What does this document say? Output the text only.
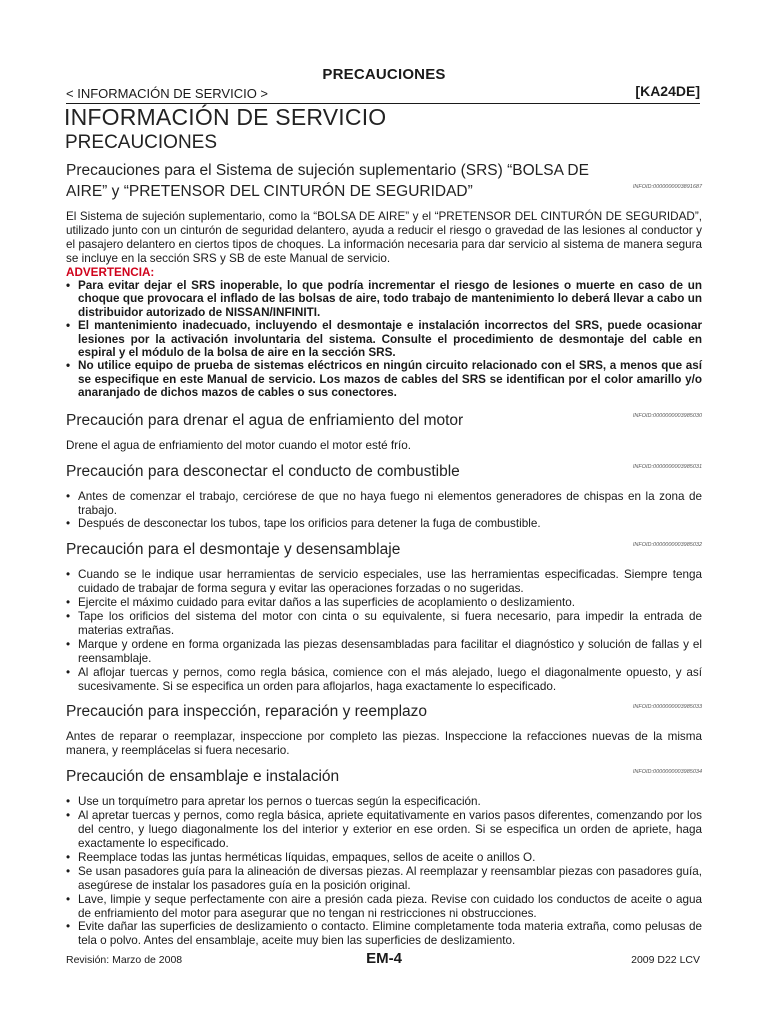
PRECAUCIONES
< INFORMACIÓN DE SERVICIO >	[KA24DE]
INFORMACIÓN DE SERVICIO
PRECAUCIONES
Precauciones para el Sistema de sujeción suplementario (SRS) “BOLSA DE AIRE” y “PRETENSOR DEL CINTURÓN DE SEGURIDAD”	INFOID:0000000003891687
El Sistema de sujeción suplementario, como la “BOLSA DE AIRE” y el “PRETENSOR DEL CINTURÓN DE SEGURIDAD”, utilizado junto con un cinturón de seguridad delantero, ayuda a reducir el riesgo o gravedad de las lesiones al conductor y el pasajero delantero en ciertos tipos de choques. La información necesaria para dar servicio al sistema de manera segura se incluye en la sección SRS y SB de este Manual de servicio.
ADVERTENCIA:
• Para evitar dejar el SRS inoperable, lo que podría incrementar el riesgo de lesiones o muerte en caso de un choque que provocara el inflado de las bolsas de aire, todo trabajo de mantenimiento lo deberá llevar a cabo un distribuidor autorizado de NISSAN/INFINITI.
• El mantenimiento inadecuado, incluyendo el desmontaje e instalación incorrectos del SRS, puede ocasionar lesiones por la activación involuntaria del sistema. Consulte el procedimiento de desmontaje del cable en espiral y el módulo de la bolsa de aire en la sección SRS.
• No utilice equipo de prueba de sistemas eléctricos en ningún circuito relacionado con el SRS, a menos que así se especifique en este Manual de servicio. Los mazos de cables del SRS se identifican por el color amarillo y/o anaranjado de dichos mazos de cables o sus conectores.
Precaución para drenar el agua de enfriamiento del motor	INFOID:0000000003985030
Drene el agua de enfriamiento del motor cuando el motor esté frío.
Precaución para desconectar el conducto de combustible	INFOID:0000000003985031
• Antes de comenzar el trabajo, cerciórese de que no haya fuego ni elementos generadores de chispas en la zona de trabajo.
• Después de desconectar los tubos, tape los orificios para detener la fuga de combustible.
Precaución para el desmontaje y desensamblaje	INFOID:0000000003985032
• Cuando se le indique usar herramientas de servicio especiales, use las herramientas especificadas. Siempre tenga cuidado de trabajar de forma segura y evitar las operaciones forzadas o no sugeridas.
• Ejercite el máximo cuidado para evitar daños a las superficies de acoplamiento o deslizamiento.
• Tape los orificios del sistema del motor con cinta o su equivalente, si fuera necesario, para impedir la entrada de materias extrañas.
• Marque y ordene en forma organizada las piezas desensambladas para facilitar el diagnóstico y solución de fallas y el reensamblaje.
• Al aflojar tuercas y pernos, como regla básica, comience con el más alejado, luego el diagonalmente opuesto, y así sucesivamente. Si se especifica un orden para aflojarlos, haga exactamente lo especificado.
Precaución para inspección, reparación y reemplazo	INFOID:0000000003985033
Antes de reparar o reemplazar, inspeccione por completo las piezas. Inspeccione la refacciones nuevas de la misma manera, y reemplácelas si fuera necesario.
Precaución de ensamblaje e instalación	INFOID:0000000003985034
• Use un torquímetro para apretar los pernos o tuercas según la especificación.
• Al apretar tuercas y pernos, como regla básica, apriete equitativamente en varios pasos diferentes, comenzando por los del centro, y luego diagonalmente los del interior y exterior en ese orden. Si se especifica un orden de apriete, haga exactamente lo especificado.
• Reemplace todas las juntas herméticas líquidas, empaques, sellos de aceite o anillos O.
• Se usan pasadores guía para la alineación de diversas piezas. Al reemplazar y reensamblar piezas con pasadores guía, asegúrese de instalar los pasadores guía en la posición original.
• Lave, limpie y seque perfectamente con aire a presión cada pieza. Revise con cuidado los conductos de aceite o agua de enfriamiento del motor para asegurar que no tengan ni restricciones ni obstrucciones.
• Evite dañar las superficies de deslizamiento o contacto. Elimine completamente toda materia extraña, como pelusas de tela o polvo. Antes del ensamblaje, aceite muy bien las superficies de deslizamiento.
Revisión: Marzo de 2008	EM-4	2009 D22 LCV
